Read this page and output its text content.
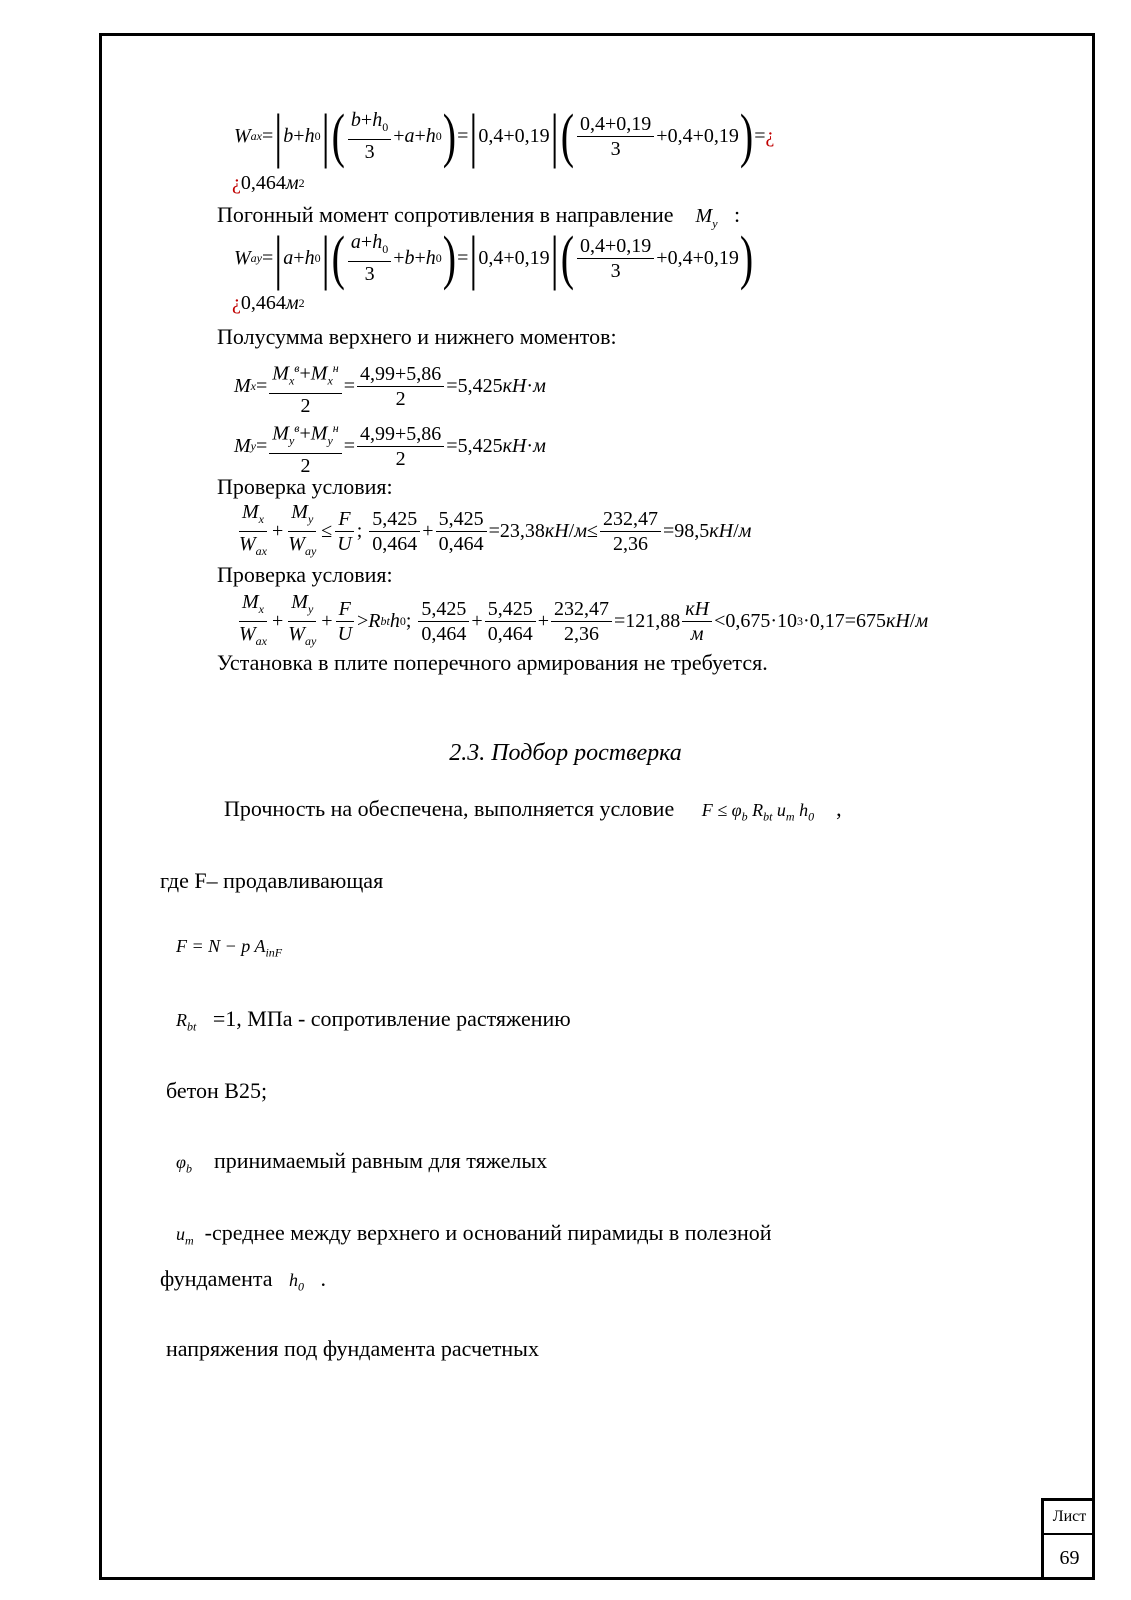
Лист
69
W ax = | b + h 0 | ( $\frac{b+h_0}{3} + a + h$ 0 ) = | 0,4+0,19 | ( $\frac{0,4+0,19}{3} +0,4+0,19$ ) = ¿
¿ 0,464 м 2
Погонный момент сопротивления в направление $M_y$   :
W ay = | a + h 0 | ( $\frac{a+h_0}{3} + b + h$ 0 ) = | 0,4+0,19 | ( $\frac{0,4+0,19}{3} +0,4+0,19$ )
¿ 0,464 м 2
Полусумма верхнего и нижнего моментов:
M $x = \frac{M_x^в+M_x^н}{2} = \frac{4,99+5,86}{2} =5,425$ кН · м
M $y = \frac{M_y^в+M_y^н}{2} = \frac{4,99+5,86}{2} =5,425$ кН · м
Проверка условия:
$\frac{M_x}{W_{ax}} + \frac{M_y}{W_{ay}} \le \frac{F}{U}$ ; $\frac{5,425}{0,464} + \frac{5,425}{0,464} =23,38$ кН / $м \le \frac{232,47}{2,36} =98,5$ кН / м
Проверка условия:
$\frac{M_x}{W_{ax}} + \frac{M_y}{W_{ay}} + \frac{F}{U} > R$ bt h 0 ; $\frac{5,425}{0,464} + \frac{5,425}{0,464} + \frac{232,47}{2,36} =121,88 \frac{кН}{м} <0,675\cdot 10$ 3 ·0,17=675 кН / м
Установка в плите поперечного армирования не требуется.
2.3. Подбор ростверка
Прочность на обеспечена, выполняется условие $F \le \varphi_b$ $R_{bt}$ $u_m$ $h_0$    ,
где F– продавливающая
F = N − p $A_{inF}$
$R_{bt} =1$, МПа - сопротивление растяжению
бетон В25;
$\varphi_b$ принимаемый равным для тяжелых
$u_m$ -среднее между верхнего и оснований пирамиды в полезной
фундамента $h_0$   .
напряжения под фундамента расчетных
